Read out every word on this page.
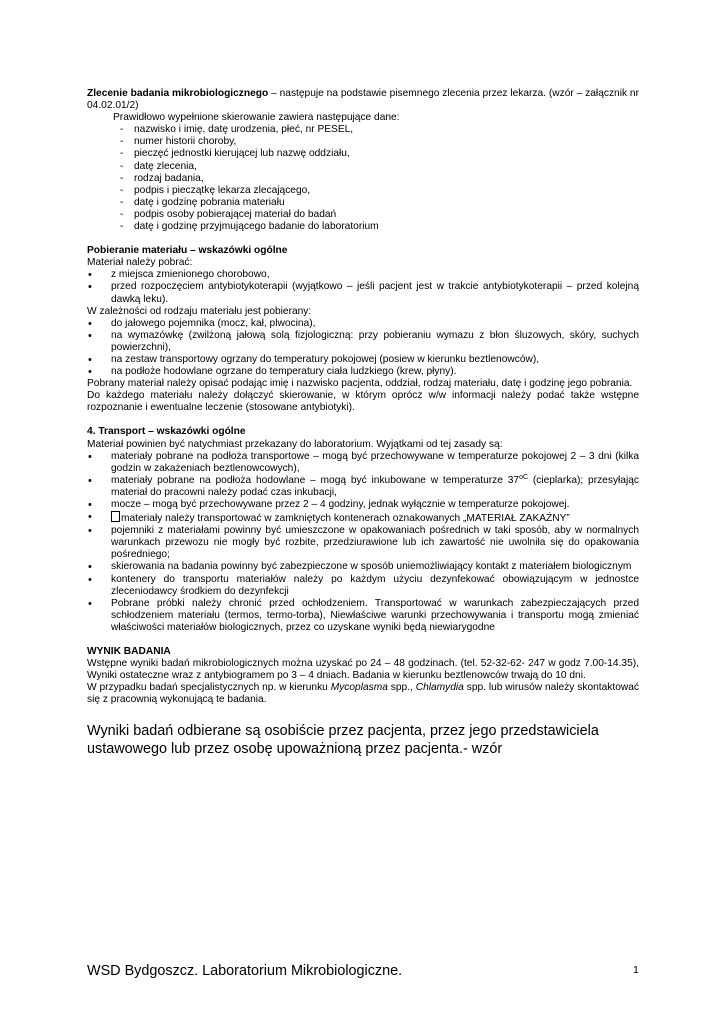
Zlecenie badania mikrobiologicznego – następuje na podstawie pisemnego zlecenia przez lekarza. (wzór – załącznik nr 04.02.01/2)

Prawidłowo wypełnione skierowanie zawiera następujące dane:

- nazwisko i imię, datę urodzenia, płeć, nr PESEL,
- numer historii choroby,
- pieczęć jednostki kierującej lub nazwę oddziału,
- datę zlecenia,
- rodzaj badania,
- podpis i pieczątkę lekarza zlecającego,
- datę i godzinę pobrania materiału
- podpis osoby pobierającej materiał do badań
- datę i godzinę przyjmującego badanie do laboratorium
Pobieranie materiału – wskazówki ogólne

Materiał należy pobrać:

• z miejsca zmienionego chorobowo,
• przed rozpoczęciem antybiotykoterapii (wyjątkowo – jeśli pacjent jest w trakcie antybiotykoterapii – przed kolejną dawką leku).

W zależności od rodzaju materiału jest pobierany:

• do jałowego pojemnika (mocz, kał, plwocina),
• na wymazówkę (zwilżoną jałową solą fizjologiczną: przy pobieraniu wymazu z błon śluzowych, skóry, suchych powierzchni),
• na zestaw transportowy ogrzany do temperatury pokojowej (posiew w kierunku beztlenowców),
• na podłoże hodowlane ogrzane do temperatury ciała ludzkiego (krew, płyny).

Pobrany materiał należy opisać podając imię i nazwisko pacjenta, oddział, rodzaj materiału, datę i godzinę jego pobrania.

Do każdego materiału należy dołączyć skierowanie, w którym oprócz w/w informacji należy podać także wstępne rozpoznanie i ewentualne leczenie (stosowane antybiotyki).

4. Transport – wskazówki ogólne

Materiał powinien być natychmiast przekazany do laboratorium. Wyjątkami od tej zasady są:

• materiały pobrane na podłoża transportowe – mogą być przechowywane w temperaturze pokojowej 2 – 3 dni (kilka godzin w zakażeniach beztlenowcowych),
• materiały pobrane na podłoża hodowlane – mogą być inkubowane w temperaturze $37^{oC}$ (cieplarka); przesyłając materiał do pracowni należy podać czas inkubacji,
• mocze – mogą być przechowywane przez 2 – 4 godziny, jednak wyłącznie w temperaturze pokojowej.
• materiały należy transportować w zamkniętych kontenerach oznakowanych „MATERIAŁ ZAKAŹNY”
• pojemniki z materiałami powinny być umieszczone w opakowaniach pośrednich w taki sposób, aby w normalnych warunkach przewozu nie mogły być rozbite, przedziurawione lub ich zawartość nie uwolniła się do opakowania pośredniego;
• skierowania na badania powinny być zabezpieczone w sposób uniemożliwiający kontakt z materiałem biologicznym
• kontenery do transportu materiałów należy po każdym użyciu dezynfekować obowiązującym w jednostce zleceniodawcy środkiem do dezynfekcji
• Pobrane próbki należy chronić przed ochłodzeniem. Transportować w warunkach zabezpieczających przed schłodzeniem materiału (termos, termo-torba), Niewłaściwe warunki przechowywania i transportu mogą zmieniać właściwości materiałów biologicznych, przez co uzyskane wyniki będą niewiarygodne
WYNIK BADANIA

Wstępne wyniki badań mikrobiologicznych można uzyskać po 24 – 48 godzinach. (tel. 52-32-62- 247 w godz 7.00-14.35), Wyniki ostateczne wraz z antybiogramem po 3 – 4 dniach. Badania w kierunku beztlenowców trwają do 10 dni.

W przypadku badań specjalistycznych np. w kierunku Mycoplasma spp., Chlamydia spp. lub wirusów należy skontaktować się z pracownią wykonującą te badania.

Wyniki badań odbierane są osobiście przez pacjenta, przez jego przedstawiciela ustawowego lub przez osobę upoważnioną przez pacjenta.- wzór

WSD Bydgoszcz. Laboratorium Mikrobiologiczne.	1
